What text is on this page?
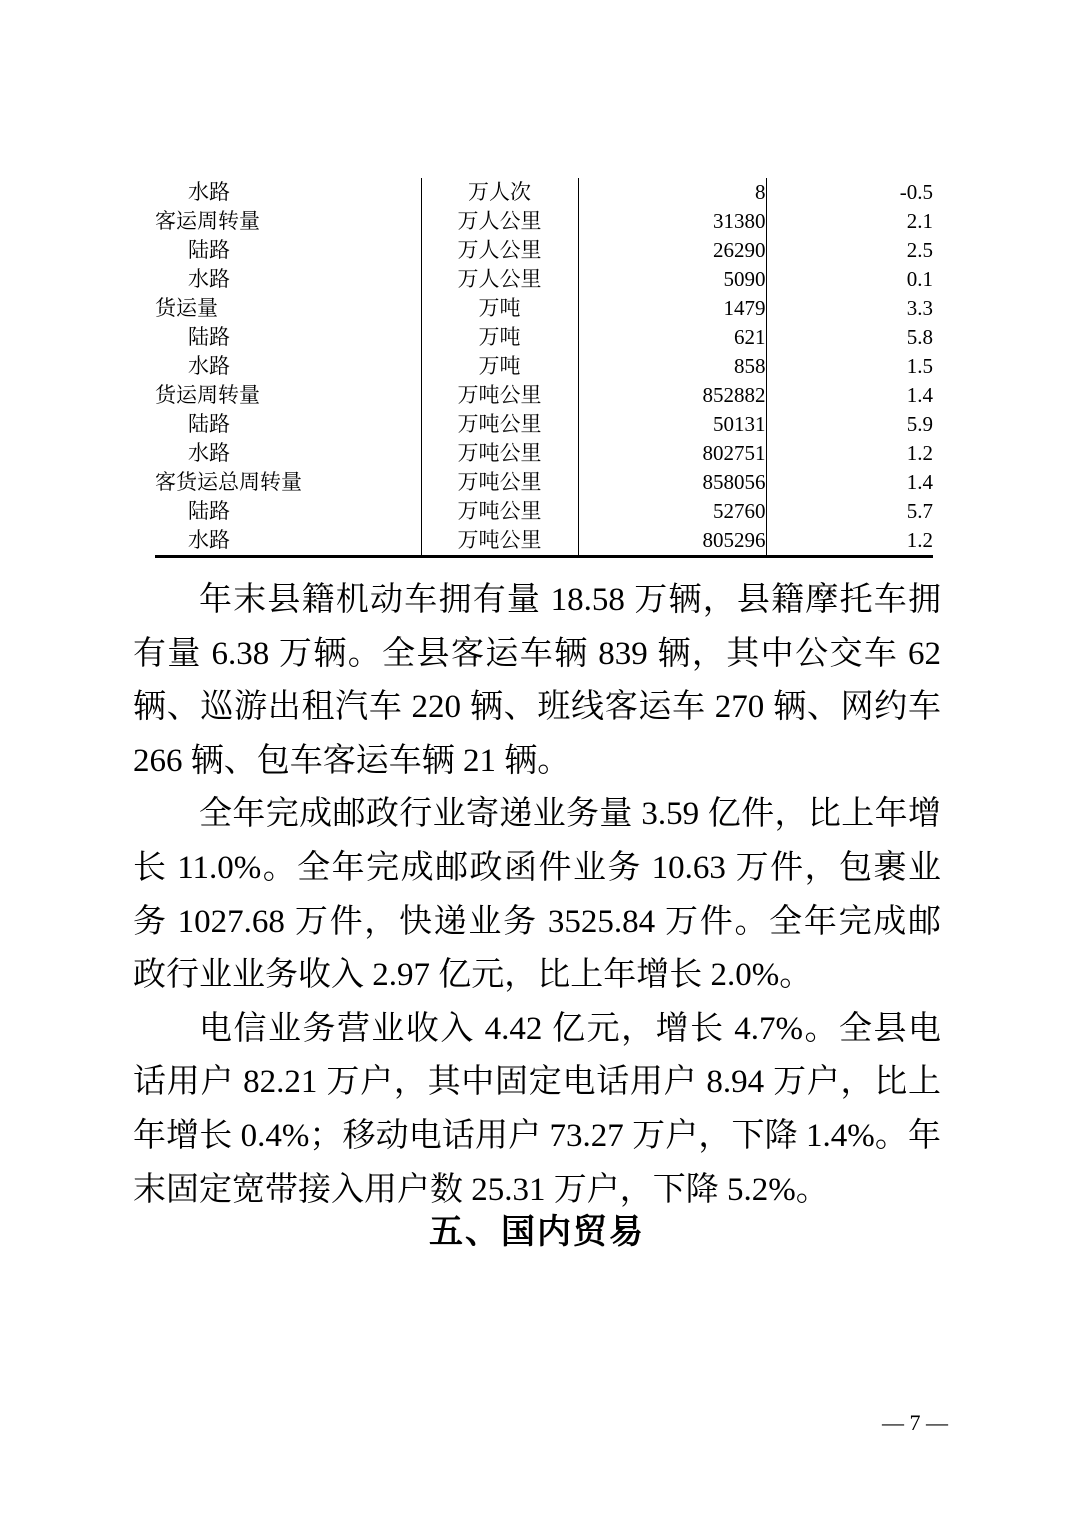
水路	万人次	8	-0.5
客运周转量	万人公里	31380	2.1
陆路	万人公里	26290	2.5
水路	万人公里	5090	0.1
货运量	万吨	1479	3.3
陆路	万吨	621	5.8
水路	万吨	858	1.5
货运周转量	万吨公里	852882	1.4
陆路	万吨公里	50131	5.9
水路	万吨公里	802751	1.2
客货运总周转量	万吨公里	858056	1.4
陆路	万吨公里	52760	5.7
水路	万吨公里	805296	1.2

年末县籍机动车拥有量 18.58 万辆，县籍摩托车拥有量 6.38 万辆。全县客运车辆 839 辆，其中公交车 62 辆、巡游出租汽车 220 辆、班线客运车 270 辆、网约车 266 辆、包车客运车辆 21 辆。

全年完成邮政行业寄递业务量 3.59 亿件，比上年增长 11.0%。全年完成邮政函件业务 10.63 万件，包裹业务 1027.68 万件，快递业务 3525.84 万件。全年完成邮政行业业务收入 2.97 亿元，比上年增长 2.0%。

电信业务营业收入 4.42 亿元，增长 4.7%。全县电话用户 82.21 万户，其中固定电话用户 8.94 万户，比上年增长 0.4%；移动电话用户 73.27 万户，下降 1.4%。年末固定宽带接入用户数 25.31 万户，下降 5.2%。

五、国内贸易
— 7 —
